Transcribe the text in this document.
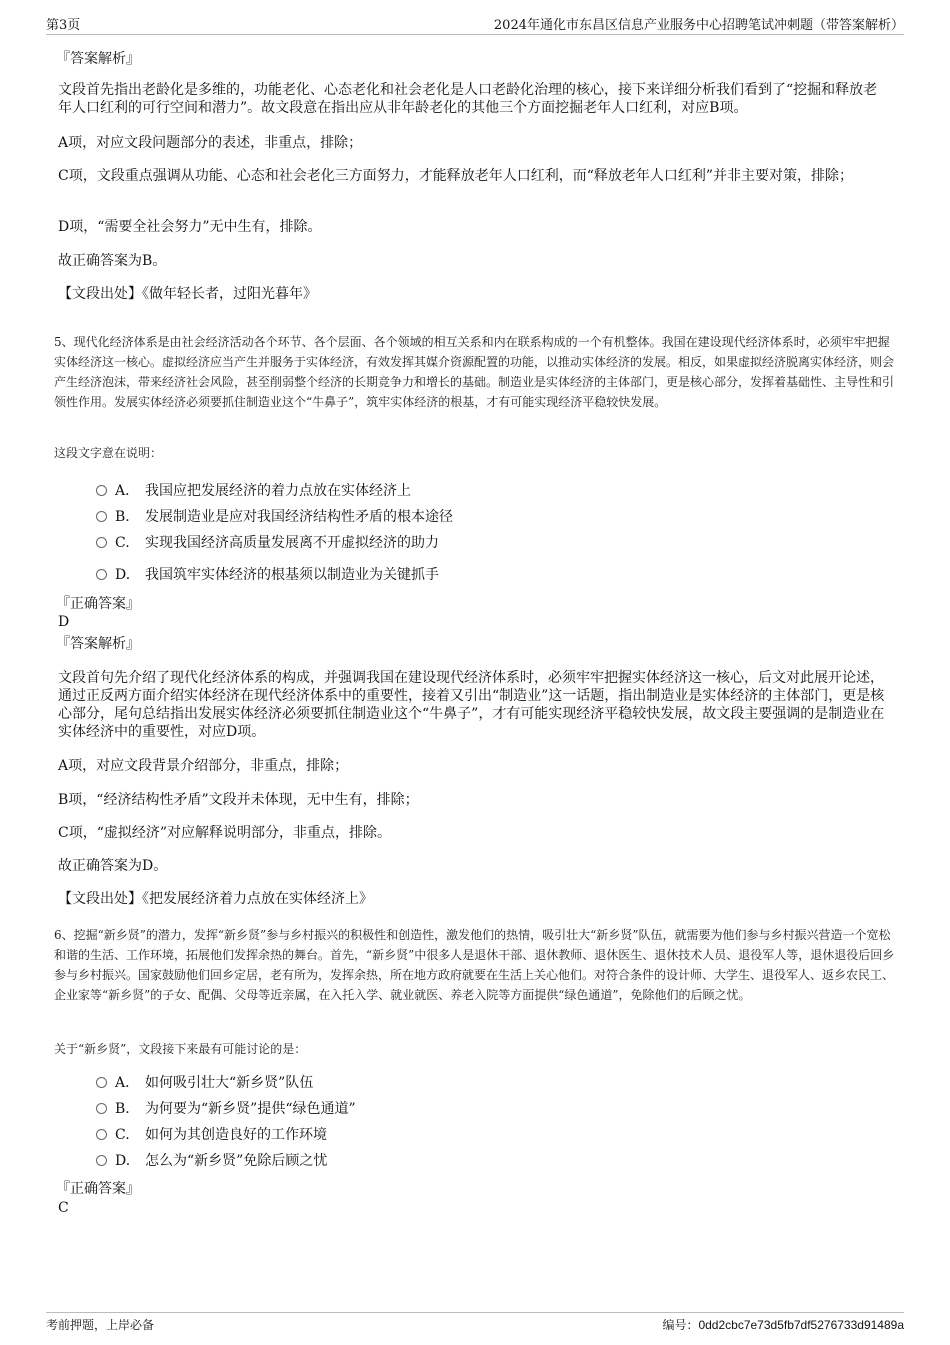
第3页	2024年通化市东昌区信息产业服务中心招聘笔试冲刺题（带答案解析）
『答案解析』
文段首先指出老龄化是多维的，功能老化、心态老化和社会老化是人口老龄化治理的核心，接下来详细分析我们看到了“挖掘和释放老年人口红利的可行空间和潜力”。故文段意在指出应从非年龄老化的其他三个方面挖掘老年人口红利，对应B项。
A项，对应文段问题部分的表述，非重点，排除；
C项，文段重点强调从功能、心态和社会老化三方面努力，才能释放老年人口红利，而“释放老年人口红利”并非主要对策，排除；
D项，“需要全社会努力”无中生有，排除。
故正确答案为B。
【文段出处】《做年轻长者，过阳光暮年》
5、现代化经济体系是由社会经济活动各个环节、各个层面、各个领域的相互关系和内在联系构成的一个有机整体。我国在建设现代经济体系时，必须牢牢把握实体经济这一核心。虚拟经济应当产生并服务于实体经济，有效发挥其媒介资源配置的功能，以推动实体经济的发展。相反，如果虚拟经济脱离实体经济，则会产生经济泡沫，带来经济社会风险，甚至削弱整个经济的长期竞争力和增长的基础。制造业是实体经济的主体部门，更是核心部分，发挥着基础性、主导性和引领性作用。发展实体经济必须要抓住制造业这个“牛鼻子”，筑牢实体经济的根基，才有可能实现经济平稳较快发展。
这段文字意在说明：
A． 我国应把发展经济的着力点放在实体经济上
B. 发展制造业是应对我国经济结构性矛盾的根本途径
C. 实现我国经济高质量发展离不开虚拟经济的助力
D. 我国筑牢实体经济的根基须以制造业为关键抓手
『正确答案』
D
『答案解析』
文段首句先介绍了现代化经济体系的构成，并强调我国在建设现代经济体系时，必须牢牢把握实体经济这一核心，后文对此展开论述，通过正反两方面介绍实体经济在现代经济体系中的重要性，接着又引出“制造业”这一话题，指出制造业是实体经济的主体部门，更是核心部分，尾句总结指出发展实体经济必须要抓住制造业这个“牛鼻子”，才有可能实现经济平稳较快发展，故文段主要强调的是制造业在实体经济中的重要性，对应D项。
A项，对应文段背景介绍部分，非重点，排除；
B项，“经济结构性矛盾”文段并未体现，无中生有，排除；
C项，“虚拟经济”对应解释说明部分，非重点，排除。
故正确答案为D。
【文段出处】《把发展经济着力点放在实体经济上》
6、挖掘“新乡贤”的潜力，发挥“新乡贤”参与乡村振兴的积极性和创造性，激发他们的热情，吸引壮大“新乡贤”队伍，就需要为他们参与乡村振兴营造一个宽松和谐的生活、工作环境，拓展他们发挥余热的舞台。首先，“新乡贤”中很多人是退休干部、退休教师、退休医生、退休技术人员、退役军人等，退休退役后回乡参与乡村振兴。国家鼓励他们回乡定居，老有所为，发挥余热，所在地方政府就要在生活上关心他们。对符合条件的设计师、大学生、退役军人、返乡农民工、企业家等“新乡贤”的子女、配偶、父母等近亲属，在入托入学、就业就医、养老入院等方面提供“绿色通道”，免除他们的后顾之忧。
关于“新乡贤”，文段接下来最有可能讨论的是：
A． 如何吸引壮大“新乡贤”队伍
B. 为何要为“新乡贤”提供“绿色通道”
C. 如何为其创造良好的工作环境
D. 怎么为“新乡贤”免除后顾之忧
『正确答案』
C
考前押题，上岸必备	编号：0dd2cbc7e73d5fb7df5276733d91489a
